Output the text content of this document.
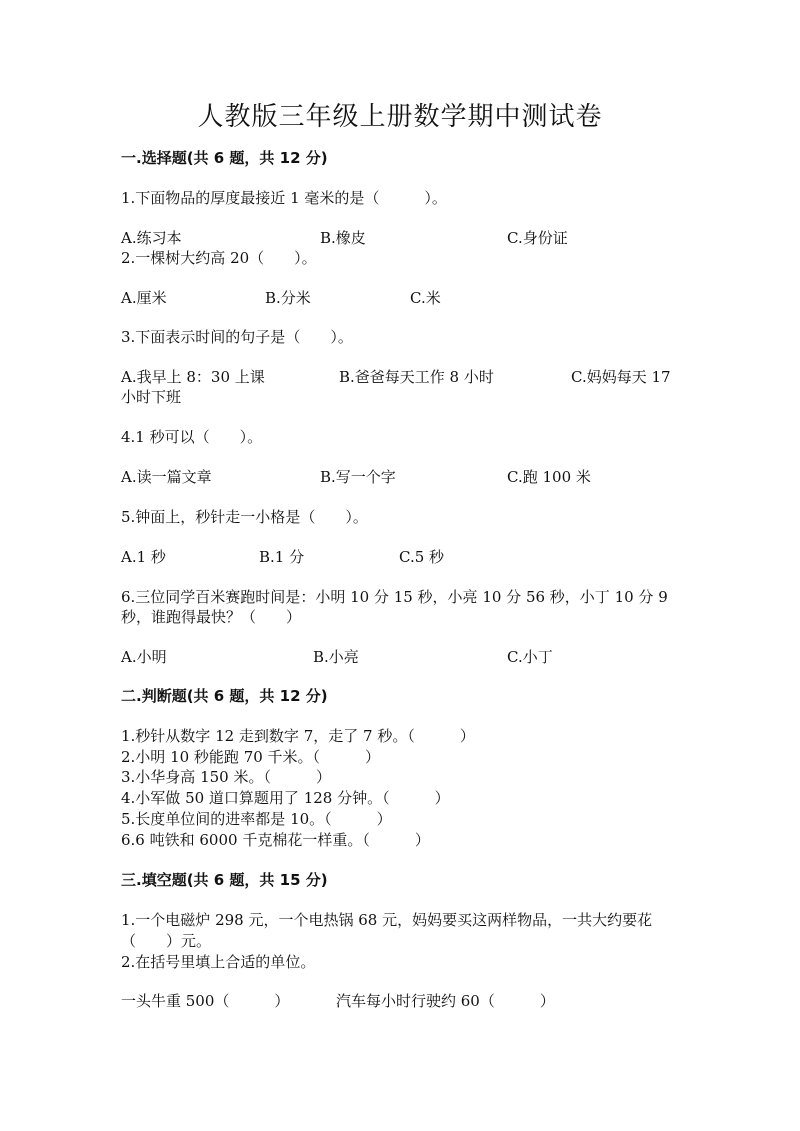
人教版三年级上册数学期中测试卷
一.选择题(共 6 题，共 12 分)
1.下面物品的厚度最接近 1 毫米的是（　　　）。
A.练习本	B.橡皮	C.身份证
2.一棵树大约高 20（　　）。
A.厘米	B.分米	C.米
3.下面表示时间的句子是（　　）。
A.我早上 8：30 上课	B.爸爸每天工作 8 小时	C.妈妈每天 17
小时下班
4.1 秒可以（　　）。
A.读一篇文章	B.写一个字	C.跑 100 米
5.钟面上，秒针走一小格是（　　）。
A.1 秒	B.1 分	C.5 秒
6.三位同学百米赛跑时间是：小明 10 分 15 秒，小亮 10 分 56 秒，小丁 10 分 9
秒，谁跑得最快？（　　）
A.小明	B.小亮	C.小丁
二.判断题(共 6 题，共 12 分)
1.秒针从数字 12 走到数字 7，走了 7 秒。（　　　）
2.小明 10 秒能跑 70 千米。（　　　）
3.小华身高 150 米。（　　　）
4.小军做 50 道口算题用了 128 分钟。（　　　）
5.长度单位间的进率都是 10。（　　　）
6.6 吨铁和 6000 千克棉花一样重。（　　　）
三.填空题(共 6 题，共 15 分)
1.一个电磁炉 298 元，一个电热锅 68 元，妈妈要买这两样物品，一共大约要花
（　　）元。
2.在括号里填上合适的单位。
一头牛重 500（　　　）	汽车每小时行驶约 60（　　　）
